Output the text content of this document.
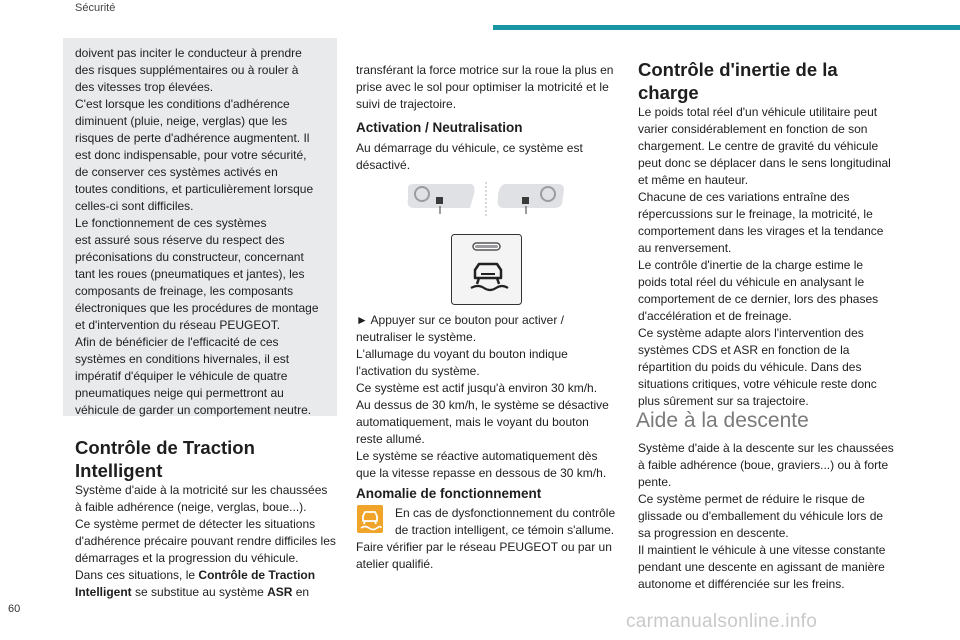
Sécurité

doivent pas inciter le conducteur à prendre

des risques supplémentaires ou à rouler à

des vitesses trop élevées.

C'est lorsque les conditions d'adhérence

diminuent (pluie, neige, verglas) que les

risques de perte d'adhérence augmentent. Il

est donc indispensable, pour votre sécurité,

de conserver ces systèmes activés en

toutes conditions, et particulièrement lorsque

celles-ci sont difficiles.

Le fonctionnement de ces systèmes

est assuré sous réserve du respect des

préconisations du constructeur, concernant

tant les roues (pneumatiques et jantes), les

composants de freinage, les composants

électroniques que les procédures de montage

et d'intervention du réseau PEUGEOT.

Afin de bénéficier de l'efficacité de ces

systèmes en conditions hivernales, il est

impératif d'équiper le véhicule de quatre

pneumatiques neige qui permettront au

véhicule de garder un comportement neutre.

Contrôle de Traction
Intelligent

Système d'aide à la motricité sur les chaussées

à faible adhérence (neige, verglas, boue...).

Ce système permet de détecter les situations

d'adhérence précaire pouvant rendre difficiles les

démarrages et la progression du véhicule.

Dans ces situations, le Contrôle de Traction

Intelligent se substitue au système ASR en

transférant la force motrice sur la roue la plus en

prise avec le sol pour optimiser la motricité et le

suivi de trajectoire.

Activation / Neutralisation

Au démarrage du véhicule, ce système est

désactivé.

► Appuyer sur ce bouton pour activer /

neutraliser le système.

L'allumage du voyant du bouton indique

l'activation du système.

Ce système est actif jusqu'à environ 30 km/h.

Au dessus de 30 km/h, le système se désactive

automatiquement, mais le voyant du bouton

reste allumé.

Le système se réactive automatiquement dès

que la vitesse repasse en dessous de 30 km/h.

Anomalie de fonctionnement

En cas de dysfonctionnement du contrôle

de traction intelligent, ce témoin s'allume.

Faire vérifier par le réseau PEUGEOT ou par un

atelier qualifié.

Contrôle d'inertie de la
charge

Le poids total réel d'un véhicule utilitaire peut

varier considérablement en fonction de son

chargement. Le centre de gravité du véhicule

peut donc se déplacer dans le sens longitudinal

et même en hauteur.

Chacune de ces variations entraîne des

répercussions sur le freinage, la motricité, le

comportement dans les virages et la tendance

au renversement.

Le contrôle d'inertie de la charge estime le

poids total réel du véhicule en analysant le

comportement de ce dernier, lors des phases

d'accélération et de freinage.

Ce système adapte alors l'intervention des

systèmes CDS et ASR en fonction de la

répartition du poids du véhicule. Dans des

situations critiques, votre véhicule reste donc

plus sûrement sur sa trajectoire.

Aide à la descente

Système d'aide à la descente sur les chaussées

à faible adhérence (boue, graviers...) ou à forte

pente.

Ce système permet de réduire le risque de

glissade ou d'emballement du véhicule lors de

sa progression en descente.

Il maintient le véhicule à une vitesse constante

pendant une descente en agissant de manière

autonome et différenciée sur les freins.

60
carmanualsonline.info
